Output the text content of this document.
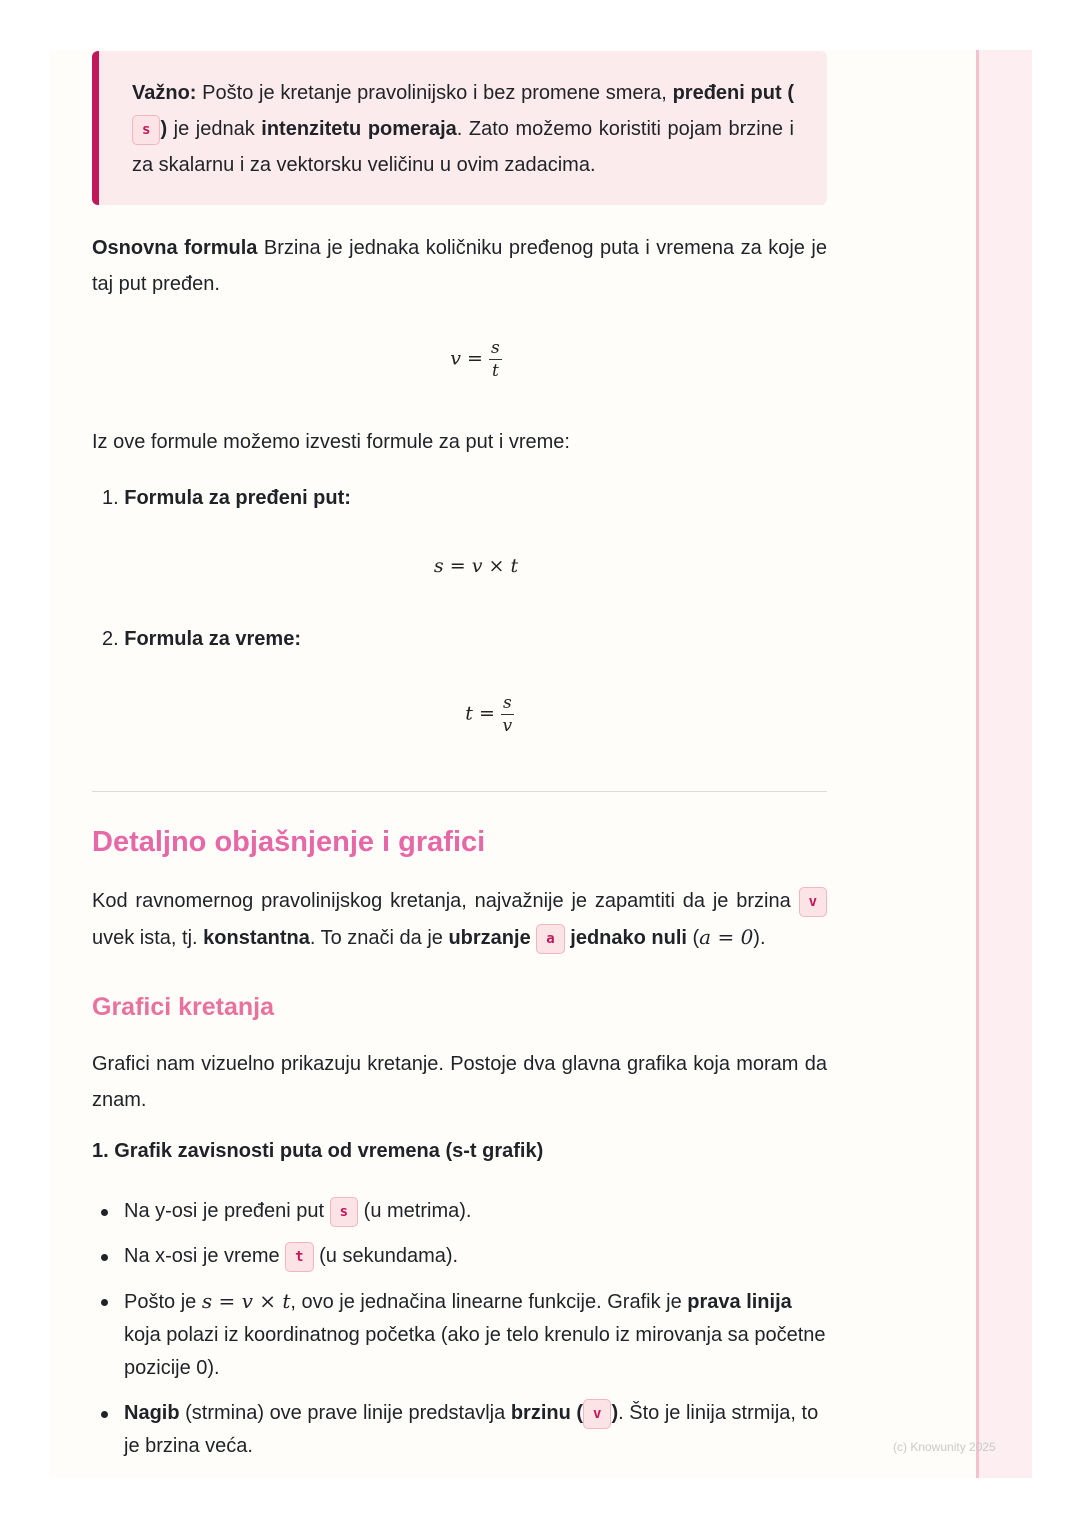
(c) Knowunity 2025
Važno: Pošto je kretanje pravolinijsko i bez promene smera, pređeni put (s ) je jednak intenzitetu pomeraja. Zato možemo koristiti pojam brzine i za skalarnu i za vektorsku veličinu u ovim zadacima.

Osnovna formula Brzina je jednaka količniku pređenog puta i vremena za koje je taj put pređen.

$v = \frac{s}{t}$

Iz ove formule možemo izvesti formule za put i vreme:

1. Formula za pređeni put:
s = v × t
2. Formula za vreme:
$t = \frac{s}{v}$
Detaljno objašnjenje i grafici

Kod ravnomernog pravolinijskog kretanja, najvažnije je zapamtiti da je brzina v uvek ista, tj. konstantna. To znači da je ubrzanje a jednako nuli (a = 0).

Grafici kretanja

Grafici nam vizuelno prikazuju kretanje. Postoje dva glavna grafika koja moram da znam.

1. Grafik zavisnosti puta od vremena (s-t grafik)
Na y-osi je pređeni put s (u metrima).
Na x-osi je vreme t (u sekundama).
Pošto je s = v × t, ovo je jednačina linearne funkcije. Grafik je prava linija koja polazi iz koordinatnog početka (ako je telo krenulo iz mirovanja sa početne pozicije 0).
Nagib (strmina) ove prave linije predstavlja brzinu ( v ). Što je linija strmija, to je brzina veća.
